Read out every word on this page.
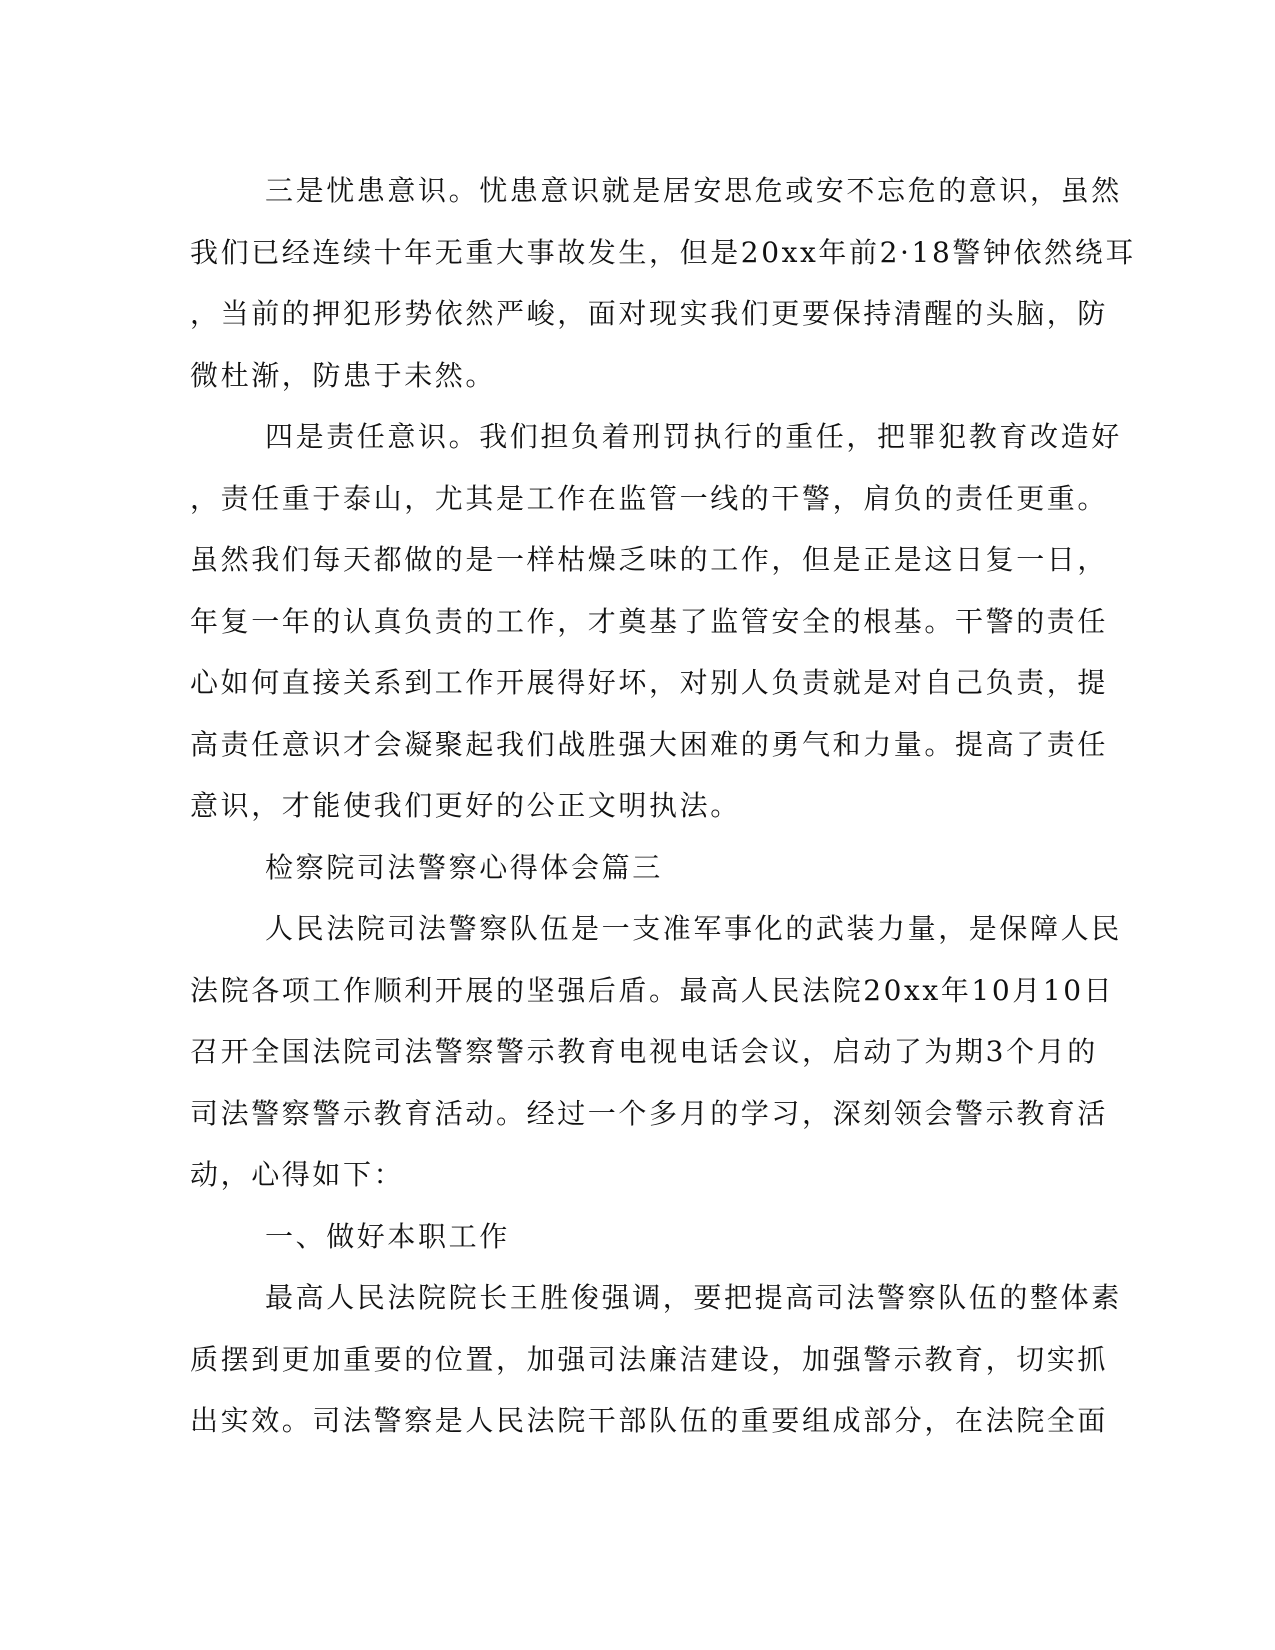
三是忧患意识。忧患意识就是居安思危或安不忘危的意识，虽然
我们已经连续十年无重大事故发生，但是20xx年前2·18警钟依然绕耳
，当前的押犯形势依然严峻，面对现实我们更要保持清醒的头脑，防
微杜渐，防患于未然。
四是责任意识。我们担负着刑罚执行的重任，把罪犯教育改造好
，责任重于泰山，尤其是工作在监管一线的干警，肩负的责任更重。
虽然我们每天都做的是一样枯燥乏味的工作，但是正是这日复一日，
年复一年的认真负责的工作，才奠基了监管安全的根基。干警的责任
心如何直接关系到工作开展得好坏，对别人负责就是对自己负责，提
高责任意识才会凝聚起我们战胜强大困难的勇气和力量。提高了责任
意识，才能使我们更好的公正文明执法。
检察院司法警察心得体会篇三
人民法院司法警察队伍是一支准军事化的武装力量，是保障人民
法院各项工作顺利开展的坚强后盾。最高人民法院20xx年10月10日
召开全国法院司法警察警示教育电视电话会议，启动了为期3个月的
司法警察警示教育活动。经过一个多月的学习，深刻领会警示教育活
动，心得如下：
一、做好本职工作
最高人民法院院长王胜俊强调，要把提高司法警察队伍的整体素
质摆到更加重要的位置，加强司法廉洁建设，加强警示教育，切实抓
出实效。司法警察是人民法院干部队伍的重要组成部分，在法院全面
